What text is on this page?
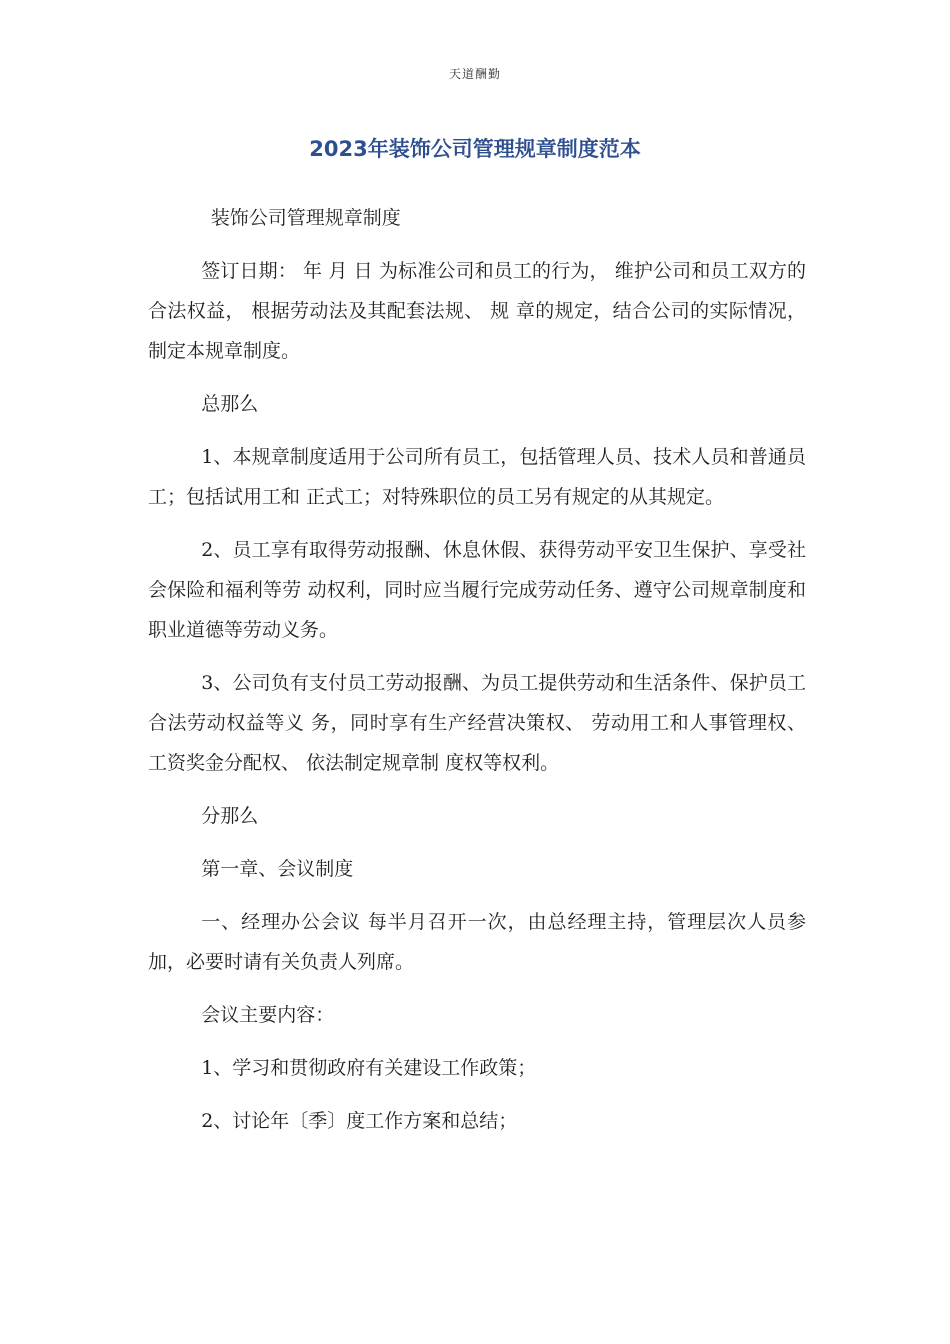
天道酬勤
2023年装饰公司管理规章制度范本

装饰公司管理规章制度

签订日期： 年 月 日 为标准公司和员工的行为， 维护公司和员工双方的合法权益， 根据劳动法及其配套法规、 规 章的规定，结合公司的实际情况，制定本规章制度。

总那么

1、本规章制度适用于公司所有员工，包括管理人员、技术人员和普通员工；包括试用工和 正式工；对特殊职位的员工另有规定的从其规定。

2、员工享有取得劳动报酬、休息休假、获得劳动平安卫生保护、享受社会保险和福利等劳 动权利，同时应当履行完成劳动任务、遵守公司规章制度和职业道德等劳动义务。

3、公司负有支付员工劳动报酬、为员工提供劳动和生活条件、保护员工合法劳动权益等义 务，同时享有生产经营决策权、 劳动用工和人事管理权、 工资奖金分配权、 依法制定规章制 度权等权利。

分那么

第一章、会议制度

一、经理办公会议 每半月召开一次，由总经理主持，管理层次人员参加，必要时请有关负责人列席。

会议主要内容：

1、学习和贯彻政府有关建设工作政策；

2、讨论年〔季〕度工作方案和总结；
